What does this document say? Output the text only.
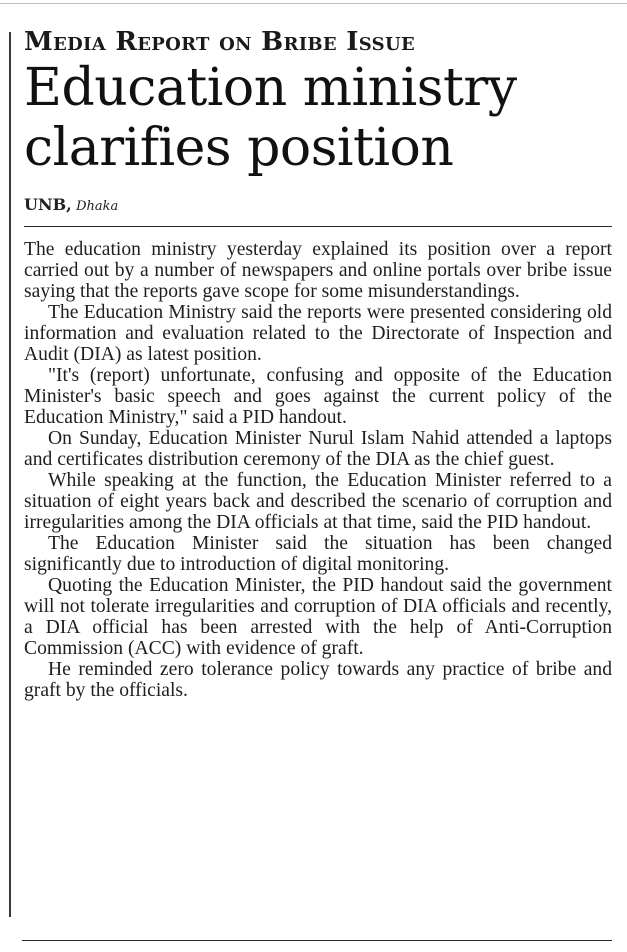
Media Report on Bribe Issue
Education ministry clarifies position
UNB, Dhaka

The education ministry yesterday explained its position over a report carried out by a number of newspapers and online portals over bribe issue saying that the reports gave scope for some misunderstandings.

The Education Ministry said the reports were presented considering old information and evaluation related to the Directorate of Inspection and Audit (DIA) as latest position.

"It's (report) unfortunate, confusing and opposite of the Education Minister's basic speech and goes against the current policy of the Education Ministry," said a PID handout.

On Sunday, Education Minister Nurul Islam Nahid attended a laptops and certificates distribution ceremony of the DIA as the chief guest.

While speaking at the function, the Education Minister referred to a situation of eight years back and described the scenario of corruption and irregularities among the DIA officials at that time, said the PID handout.

The Education Minister said the situation has been changed significantly due to introduction of digital monitoring.

Quoting the Education Minister, the PID handout said the government will not tolerate irregularities and corruption of DIA officials and recently, a DIA official has been arrested with the help of Anti-Corruption Commission (ACC) with evidence of graft.

He reminded zero tolerance policy towards any practice of bribe and graft by the officials.
